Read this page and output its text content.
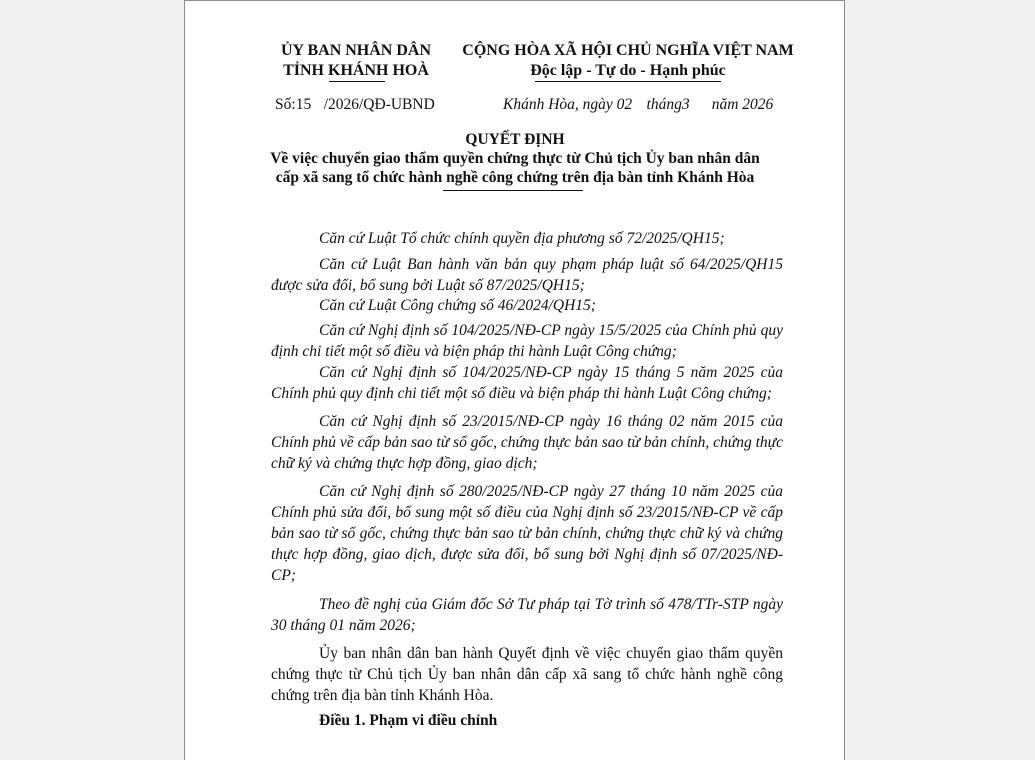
ỦY BAN NHÂN DÂN
TỈNH KHÁNH HOÀ
CỘNG HÒA XÃ HỘI CHỦ NGHĨA VIỆT NAM
Độc lập - Tự do - Hạnh phúc
Số:15 /2026/QĐ-UBND	Khánh Hòa, ngày 02 tháng3 năm 2026
QUYẾT ĐỊNH
Về việc chuyển giao thẩm quyền chứng thực từ Chủ tịch Ủy ban nhân dân
cấp xã sang tổ chức hành nghề công chứng trên địa bàn tỉnh Khánh Hòa
Căn cứ Luật Tổ chức chính quyền địa phương số 72/2025/QH15;
Căn cứ Luật Ban hành văn bản quy phạm pháp luật số 64/2025/QH15 được sửa đổi, bổ sung bởi Luật số 87/2025/QH15;
Căn cứ Luật Công chứng số 46/2024/QH15;
Căn cứ Nghị định số 104/2025/NĐ-CP ngày 15/5/2025 của Chính phủ quy định chi tiết một số điều và biện pháp thi hành Luật Công chứng;
Căn cứ Nghị định số 104/2025/NĐ-CP ngày 15 tháng 5 năm 2025 của Chính phủ quy định chi tiết một số điều và biện pháp thi hành Luật Công chứng;
Căn cứ Nghị định số 23/2015/NĐ-CP ngày 16 tháng 02 năm 2015 của Chính phủ về cấp bản sao từ sổ gốc, chứng thực bản sao từ bản chính, chứng thực chữ ký và chứng thực hợp đồng, giao dịch;
Căn cứ Nghị định số 280/2025/NĐ-CP ngày 27 tháng 10 năm 2025 của Chính phủ sửa đổi, bổ sung một số điều của Nghị định số 23/2015/NĐ-CP về cấp bản sao từ sổ gốc, chứng thực bản sao từ bản chính, chứng thực chữ ký và chứng thực hợp đồng, giao dịch, được sửa đổi, bổ sung bởi Nghị định số 07/2025/NĐ-CP;
Theo đề nghị của Giám đốc Sở Tư pháp tại Tờ trình số 478/TTr-STP ngày 30 tháng 01 năm 2026;
Ủy ban nhân dân ban hành Quyết định về việc chuyển giao thẩm quyền chứng thực từ Chủ tịch Ủy ban nhân dân cấp xã sang tổ chức hành nghề công chứng trên địa bàn tỉnh Khánh Hòa.
Điều 1. Phạm vi điều chỉnh
